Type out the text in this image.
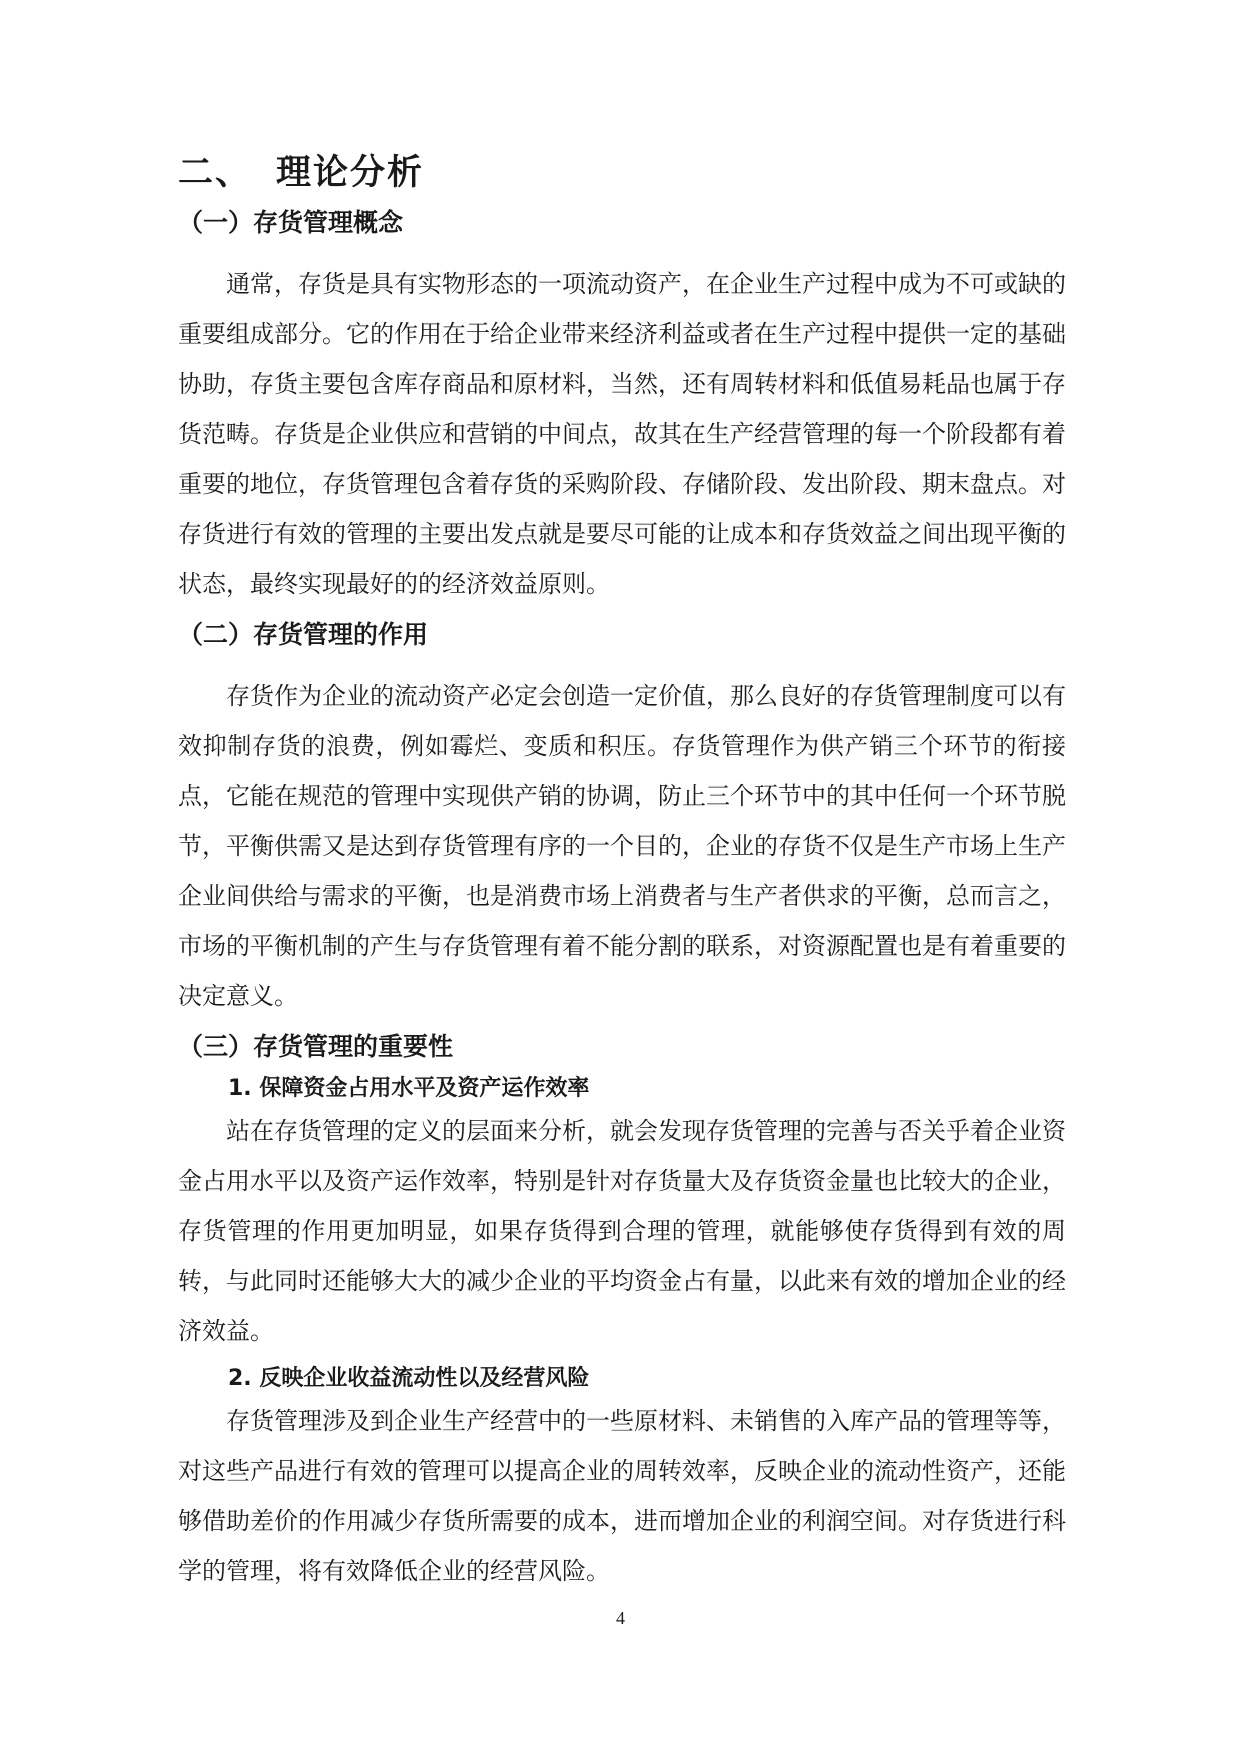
二、 理论分析
（一）存货管理概念

通常，存货是具有实物形态的一项流动资产，在企业生产过程中成为不可或缺的重要组成部分。它的作用在于给企业带来经济利益或者在生产过程中提供一定的基础协助，存货主要包含库存商品和原材料，当然，还有周转材料和低值易耗品也属于存货范畴。存货是企业供应和营销的中间点，故其在生产经营管理的每一个阶段都有着重要的地位，存货管理包含着存货的采购阶段、存储阶段、发出阶段、期末盘点。对存货进行有效的管理的主要出发点就是要尽可能的让成本和存货效益之间出现平衡的状态，最终实现最好的的经济效益原则。

（二）存货管理的作用

存货作为企业的流动资产必定会创造一定价值，那么良好的存货管理制度可以有效抑制存货的浪费，例如霉烂、变质和积压。存货管理作为供产销三个环节的衔接点，它能在规范的管理中实现供产销的协调，防止三个环节中的其中任何一个环节脱节，平衡供需又是达到存货管理有序的一个目的，企业的存货不仅是生产市场上生产企业间供给与需求的平衡，也是消费市场上消费者与生产者供求的平衡，总而言之，市场的平衡机制的产生与存货管理有着不能分割的联系，对资源配置也是有着重要的决定意义。

（三）存货管理的重要性
1. 保障资金占用水平及资产运作效率

站在存货管理的定义的层面来分析，就会发现存货管理的完善与否关乎着企业资金占用水平以及资产运作效率，特别是针对存货量大及存货资金量也比较大的企业，存货管理的作用更加明显，如果存货得到合理的管理，就能够使存货得到有效的周转，与此同时还能够大大的减少企业的平均资金占有量，以此来有效的增加企业的经济效益。

2. 反映企业收益流动性以及经营风险

存货管理涉及到企业生产经营中的一些原材料、未销售的入库产品的管理等等，对这些产品进行有效的管理可以提高企业的周转效率，反映企业的流动性资产，还能够借助差价的作用减少存货所需要的成本，进而增加企业的利润空间。对存货进行科学的管理，将有效降低企业的经营风险。

4
